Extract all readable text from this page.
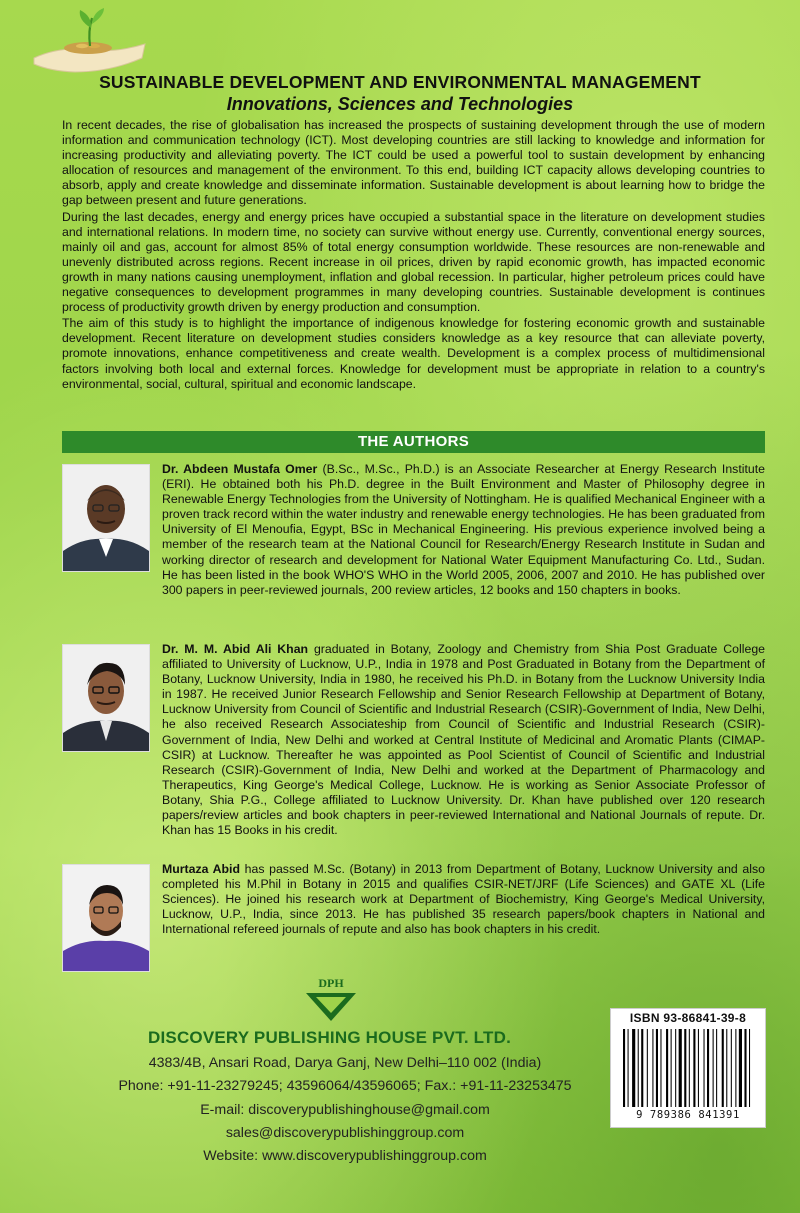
SUSTAINABLE DEVELOPMENT AND ENVIRONMENTAL MANAGEMENT
Innovations, Sciences and Technologies

In recent decades, the rise of globalisation has increased the prospects of sustaining development through the use of modern information and communication technology (ICT). Most developing countries are still lacking to knowledge and information for increasing productivity and alleviating poverty. The ICT could be used a powerful tool to sustain development by enhancing allocation of resources and management of the environment. To this end, building ICT capacity allows developing countries to absorb, apply and create knowledge and disseminate information. Sustainable development is about learning how to bridge the gap between present and future generations.

During the last decades, energy and energy prices have occupied a substantial space in the literature on development studies and international relations. In modern time, no society can survive without energy use. Currently, conventional energy sources, mainly oil and gas, account for almost 85% of total energy consumption worldwide. These resources are non-renewable and unevenly distributed across regions. Recent increase in oil prices, driven by rapid economic growth, has impacted economic growth in many nations causing unemployment, inflation and global recession. In particular, higher petroleum prices could have negative consequences to development programmes in many developing countries. Sustainable development is continues process of productivity growth driven by energy production and consumption.

The aim of this study is to highlight the importance of indigenous knowledge for fostering economic growth and sustainable development. Recent literature on development studies considers knowledge as a key resource that can alleviate poverty, promote innovations, enhance competitiveness and create wealth. Development is a complex process of multidimensional factors involving both local and external forces. Knowledge for development must be appropriate in relation to a country's environmental, social, cultural, spiritual and economic landscape.

THE AUTHORS
Dr. Abdeen Mustafa Omer (B.Sc., M.Sc., Ph.D.) is an Associate Researcher at Energy Research Institute (ERI). He obtained both his Ph.D. degree in the Built Environment and Master of Philosophy degree in Renewable Energy Technologies from the University of Nottingham. He is qualified Mechanical Engineer with a proven track record within the water industry and renewable energy technologies. He has been graduated from University of El Menoufia, Egypt, BSc in Mechanical Engineering. His previous experience involved being a member of the research team at the National Council for Research/Energy Research Institute in Sudan and working director of research and development for National Water Equipment Manufacturing Co. Ltd., Sudan. He has been listed in the book WHO'S WHO in the World 2005, 2006, 2007 and 2010. He has published over 300 papers in peer-reviewed journals, 200 review articles, 12 books and 150 chapters in books.
Dr. M. M. Abid Ali Khan graduated in Botany, Zoology and Chemistry from Shia Post Graduate College affiliated to University of Lucknow, U.P., India in 1978 and Post Graduated in Botany from the Department of Botany, Lucknow University, India in 1980, he received his Ph.D. in Botany from the Lucknow University India in 1987. He received Junior Research Fellowship and Senior Research Fellowship at Department of Botany, Lucknow University from Council of Scientific and Industrial Research (CSIR)-Government of India, New Delhi, he also received Research Associateship from Council of Scientific and Industrial Research (CSIR)-Government of India, New Delhi and worked at Central Institute of Medicinal and Aromatic Plants (CIMAP-CSIR) at Lucknow. Thereafter he was appointed as Pool Scientist of Council of Scientific and Industrial Research (CSIR)-Government of India, New Delhi and worked at the Department of Pharmacology and Therapeutics, King George's Medical College, Lucknow. He is working as Senior Associate Professor of Botany, Shia P.G., College affiliated to Lucknow University. Dr. Khan have published over 120 research papers/review articles and book chapters in peer-reviewed International and National Journals of repute. Dr. Khan has 15 Books in his credit.
Murtaza Abid has passed M.Sc. (Botany) in 2013 from Department of Botany, Lucknow University and also completed his M.Phil in Botany in 2015 and qualifies CSIR-NET/JRF (Life Sciences) and GATE XL (Life Sciences). He joined his research work at Department of Biochemistry, King George's Medical University, Lucknow, U.P., India, since 2013. He has published 35 research papers/book chapters in National and International refereed journals of repute and also has book chapters in his credit.
DPH
DISCOVERY PUBLISHING HOUSE PVT. LTD.
4383/4B, Ansari Road, Darya Ganj, New Delhi–110 002 (India)
Phone: +91-11-23279245; 43596064/43596065; Fax.: +91-11-23253475
E-mail: discoverypublishinghouse@gmail.com
sales@discoverypublishinggroup.com
Website: www.discoverypublishinggroup.com
ISBN 93-86841-39-8
9 789386 841391
